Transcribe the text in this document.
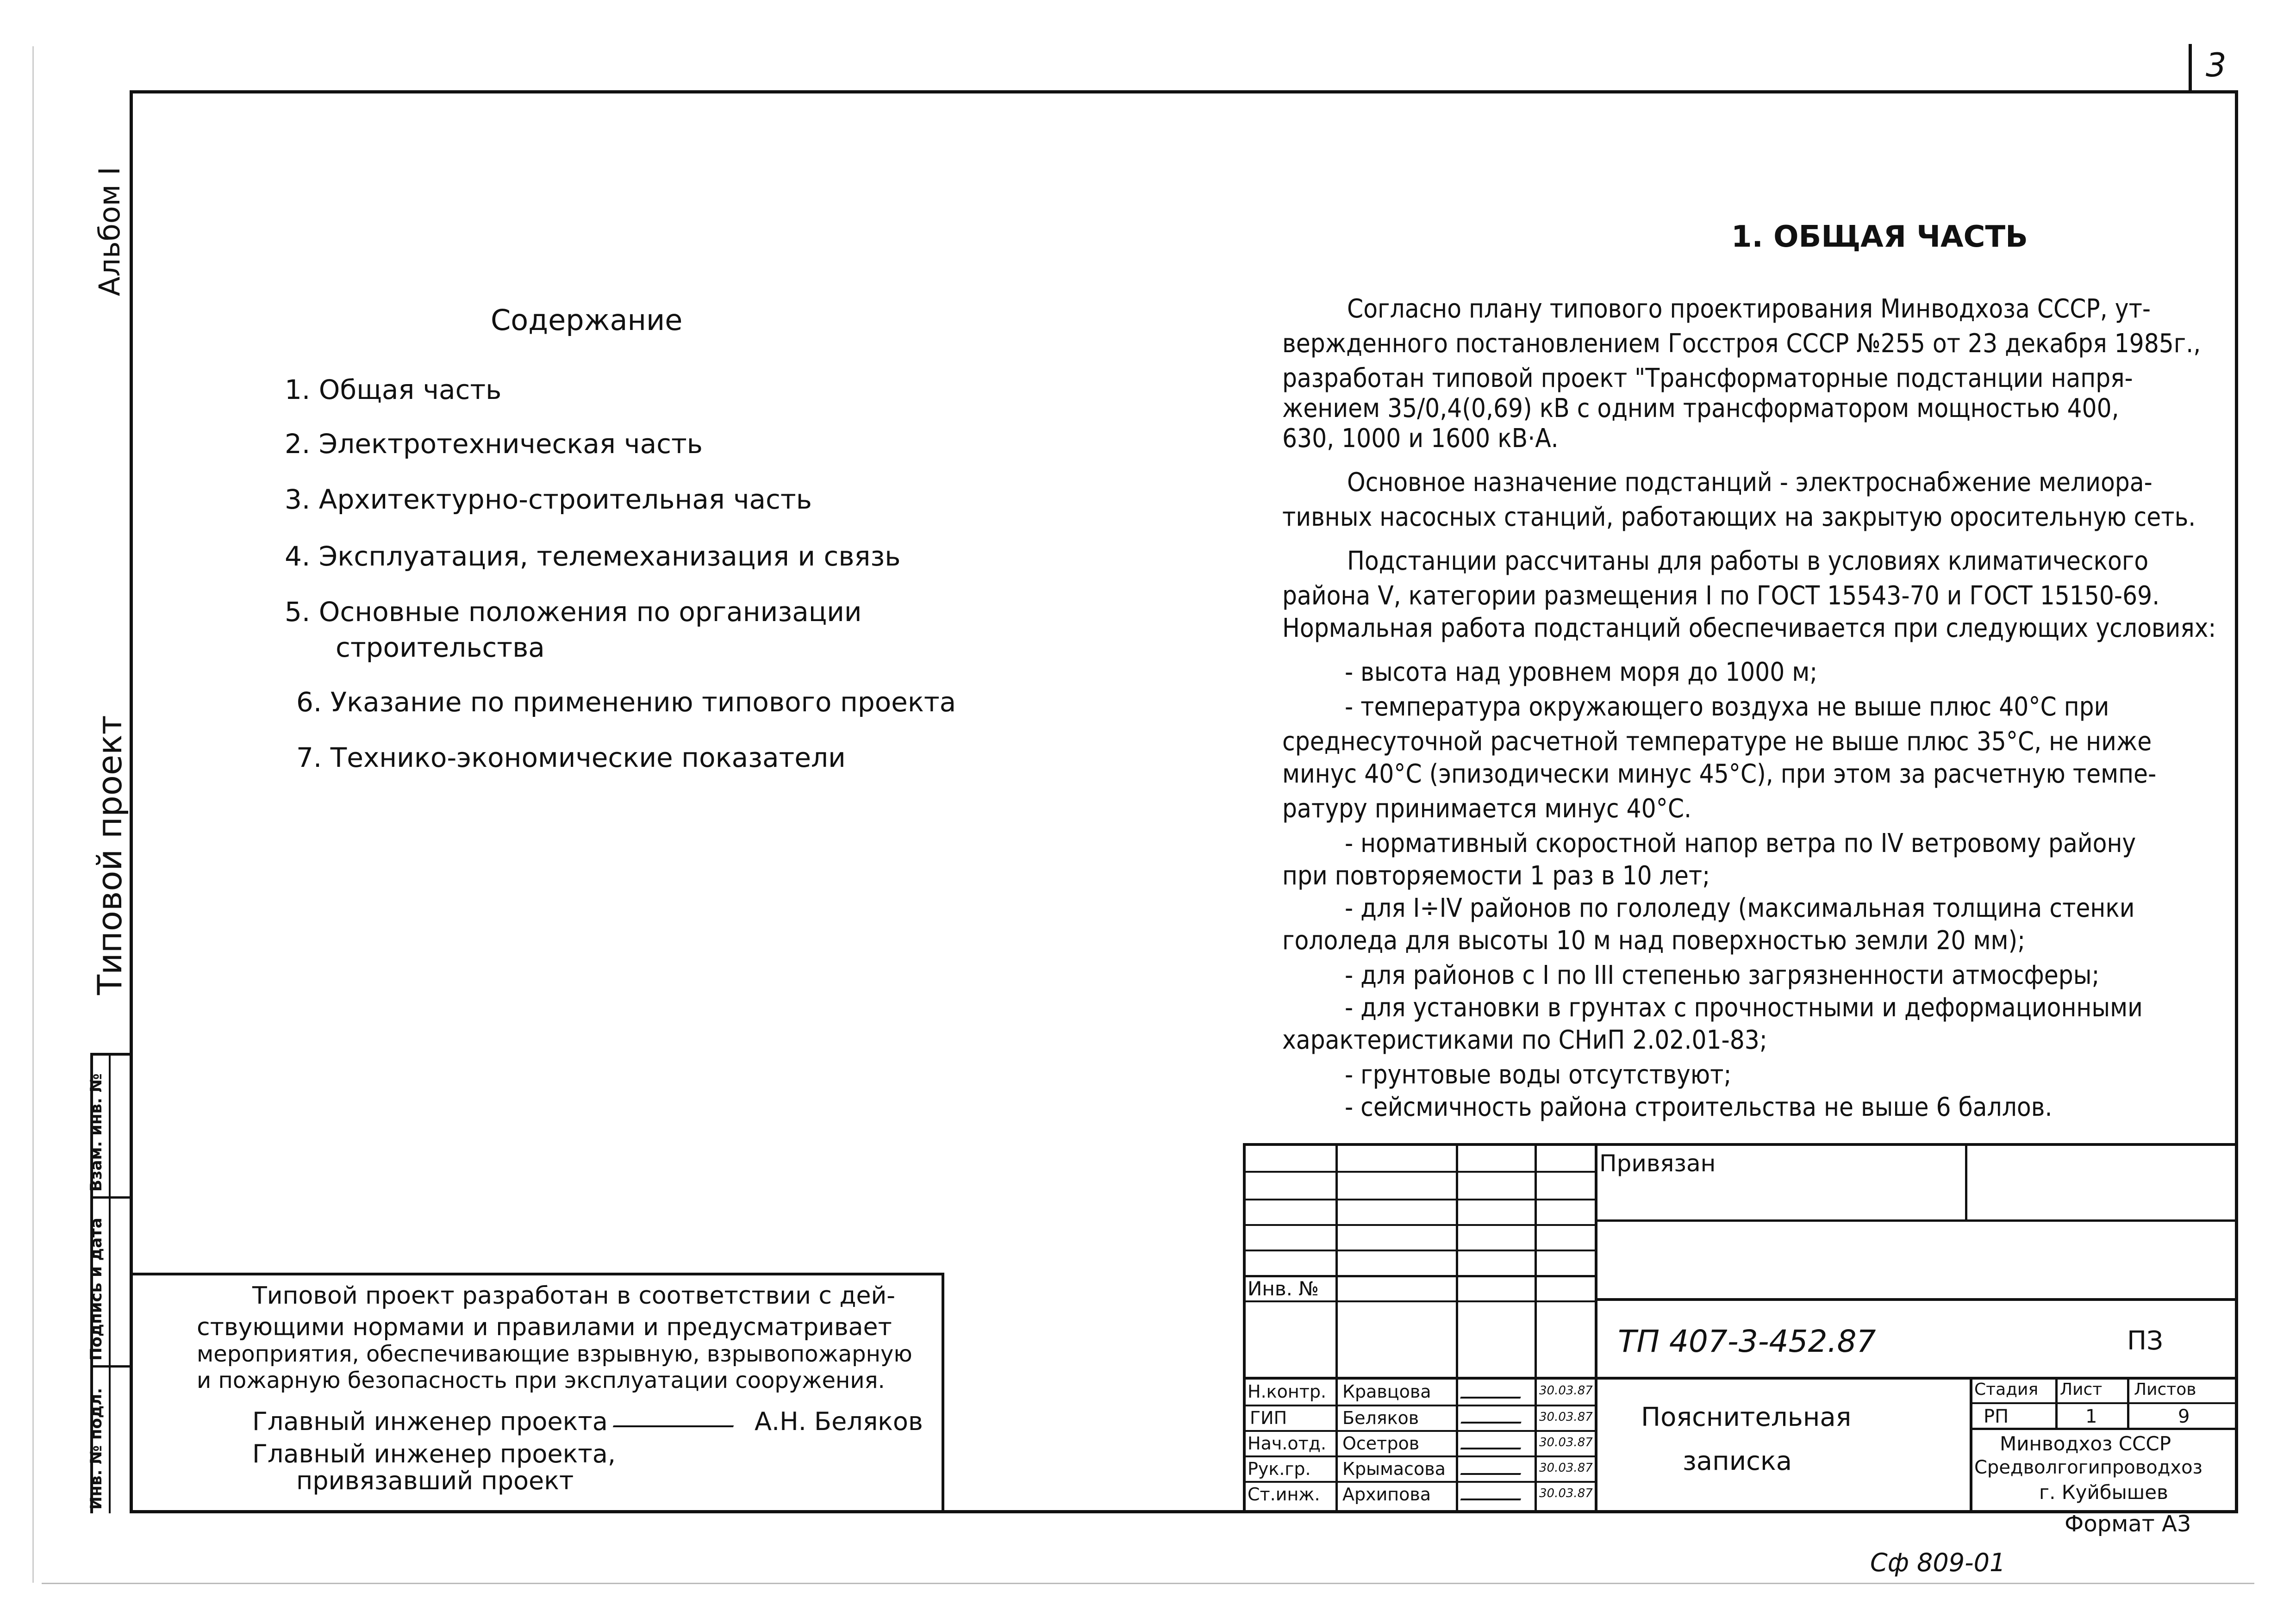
3
Альбом I
Типовой проект
Взам. инв. №
Подпись и дата
Инв. № подл.
Содержание
1. Общая часть
2. Электротехническая часть
3. Архитектурно-строительная часть
4. Эксплуатация, телемеханизация и связь
5. Основные положения по организации
строительства
6. Указание по применению типового проекта
7. Технико-экономические показатели
Типовой проект разработан в соответствии с дей-
ствующими нормами и правилами и предусматривает
мероприятия, обеспечивающие взрывную, взрывопожарную
и пожарную безопасность при эксплуатации сооружения.
Главный инженер проекта	А.Н. Беляков
Главный инженер проекта,
привязавший проект
1. ОБЩАЯ ЧАСТЬ
Согласно плану типового проектирования Минводхоза СССР, ут-
вержденного постановлением Госстроя СССР №255 от 23 декабря 1985г.,
разработан типовой проект "Трансформаторные подстанции напря-
жением 35/0,4(0,69) кВ с одним трансформатором мощностью 400,
630, 1000 и 1600 кВ·А.
Основное назначение подстанций - электроснабжение мелиора-
тивных насосных станций, работающих на закрытую оросительную сеть.
Подстанции рассчитаны для работы в условиях климатического
района V, категории размещения I по ГОСТ 15543-70 и ГОСТ 15150-69.
Нормальная работа подстанций обеспечивается при следующих условиях:
- высота над уровнем моря до 1000 м;
- температура окружающего воздуха не выше плюс 40°С при
среднесуточной расчетной температуре не выше плюс 35°С, не ниже
минус 40°С (эпизодически минус 45°С), при этом за расчетную темпе-
ратуру принимается минус 40°С.
- нормативный скоростной напор ветра по IV ветровому району
при повторяемости 1 раз в 10 лет;
- для I÷IV районов по гололеду (максимальная толщина стенки
гололеда для высоты 10 м над поверхностью земли 20 мм);
- для районов с I по III степенью загрязненности атмосферы;
- для установки в грунтах с прочностными и деформационными
характеристиками по СНиП 2.02.01-83;
- грунтовые воды отсутствуют;
- сейсмичность района строительства не выше 6 баллов.
Привязан
Инв. №
ТП 407-3-452.87	ПЗ
Пояснительная
записка
Стадия Лист Листов
РП	1	9
Минводхоз СССР
Средволгогипроводхоз
г. Куйбышев
Н.контр. Кравцова	30.03.87
ГИП	Беляков	30.03.87
Нач.отд. Осетров	30.03.87
Рук.гр. Крымасова	30.03.87
Ст.инж. Архипова	30.03.87
Формат А3
Сф 809-01
